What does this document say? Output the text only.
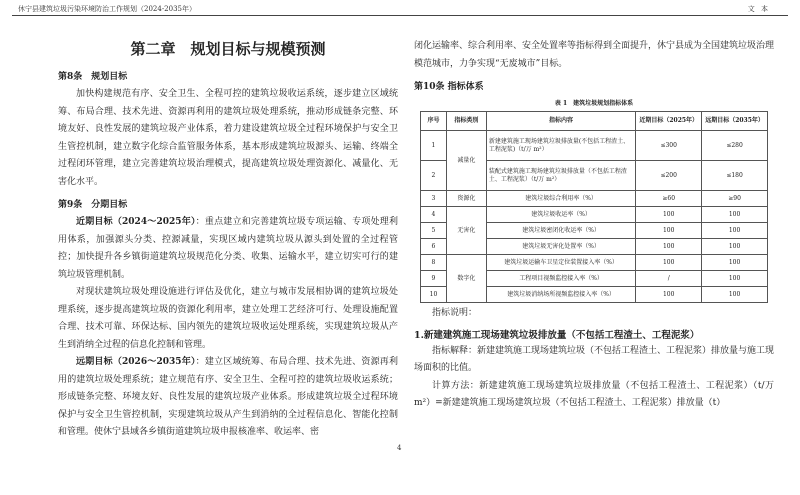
休宁县建筑垃圾污染环境防治工作规划（2024-2035年）	文 本
第二章　规划目标与规模预测
第8条　规划目标

加快构建规范有序、安全卫生、全程可控的建筑垃圾收运系统，逐步建立区域统筹、布局合理、技术先进、资源再利用的建筑垃圾处理系统，推动形成链条完整、环境友好、良性发展的建筑垃圾产业体系，着力建设建筑垃圾全过程环境保护与安全卫生管控机制，建立数字化综合监管服务体系，基本形成建筑垃圾源头、运输、终端全过程闭环管理，建立完善建筑垃圾治理模式，提高建筑垃圾处理资源化、减量化、无害化水平。

第9条　分期目标

近期目标（2024～2025年）：重点建立和完善建筑垃圾专项运输、专项处理利用体系，加强源头分类、控源减量，实现区域内建筑垃圾从源头到处置的全过程管控；加快提升各乡镇街道建筑垃圾规范化分类、收集、运输水平，建立切实可行的建筑垃圾管理机制。

对现状建筑垃圾处理设施进行评估及优化，建立与城市发展相协调的建筑垃圾处理系统，逐步提高建筑垃圾的资源化利用率，建立处理工艺经济可行、处理设施配置合理、技术可靠、环保达标、国内领先的建筑垃圾收运处理系统，实现建筑垃圾从产生到消纳全过程的信息化控制和管理。

远期目标（2026～2035年）：建立区域统筹、布局合理、技术先进、资源再利用的建筑垃圾处理系统；建立规范有序、安全卫生、全程可控的建筑垃圾收运系统；形成链条完整、环境友好、良性发展的建筑垃圾产业体系。形成建筑垃圾全过程环境保护与安全卫生管控机制，实现建筑垃圾从产生到消纳的全过程信息化、智能化控制和管理。使休宁县域各乡镇街道建筑垃圾申报核准率、收运率、密

4

闭化运输率、综合利用率、安全处置率等指标得到全面提升，休宁县成为全国建筑垃圾治理模范城市，力争实现“无废城市”目标。

第10条 指标体系
表 1　建筑垃圾规划指标体系
序号	指标类别	指标内容	近期目标（2025年）	远期目标（2035年）
1	减量化	新建建筑施工现场建筑垃圾排放量(不包括工程渣土、工程泥浆)（t/万 m²）	≤300	≤280
2		装配式建筑施工现场建筑垃圾排放量（不包括工程渣土、工程泥浆）（t/万 m²）	≤200	≤180
3	资源化	建筑垃圾综合利用率（%）	≥60	≥90
4	无害化	建筑垃圾收运率（%）	100	100
5		建筑垃圾密闭化收运率（%）	100	100
6		建筑垃圾无害化处置率（%）	100	100
8	数字化	建筑垃圾运输车卫星定位装置接入率（%）	100	100
9		工程项目视频监控接入率（%）	/	100
10		建筑垃圾消纳场所视频监控接入率（%）	100	100

指标说明：

1.新建建筑施工现场建筑垃圾排放量（不包括工程渣土、工程泥浆）

指标解释：新建建筑施工现场建筑垃圾（不包括工程渣土、工程泥浆）排放量与施工现场面积的比值。

计算方法：新建建筑施工现场建筑垃圾排放量（不包括工程渣土、工程泥浆）（t/万 m²）=新建建筑施工现场建筑垃圾（不包括工程渣土、工程泥浆）排放量（t）
